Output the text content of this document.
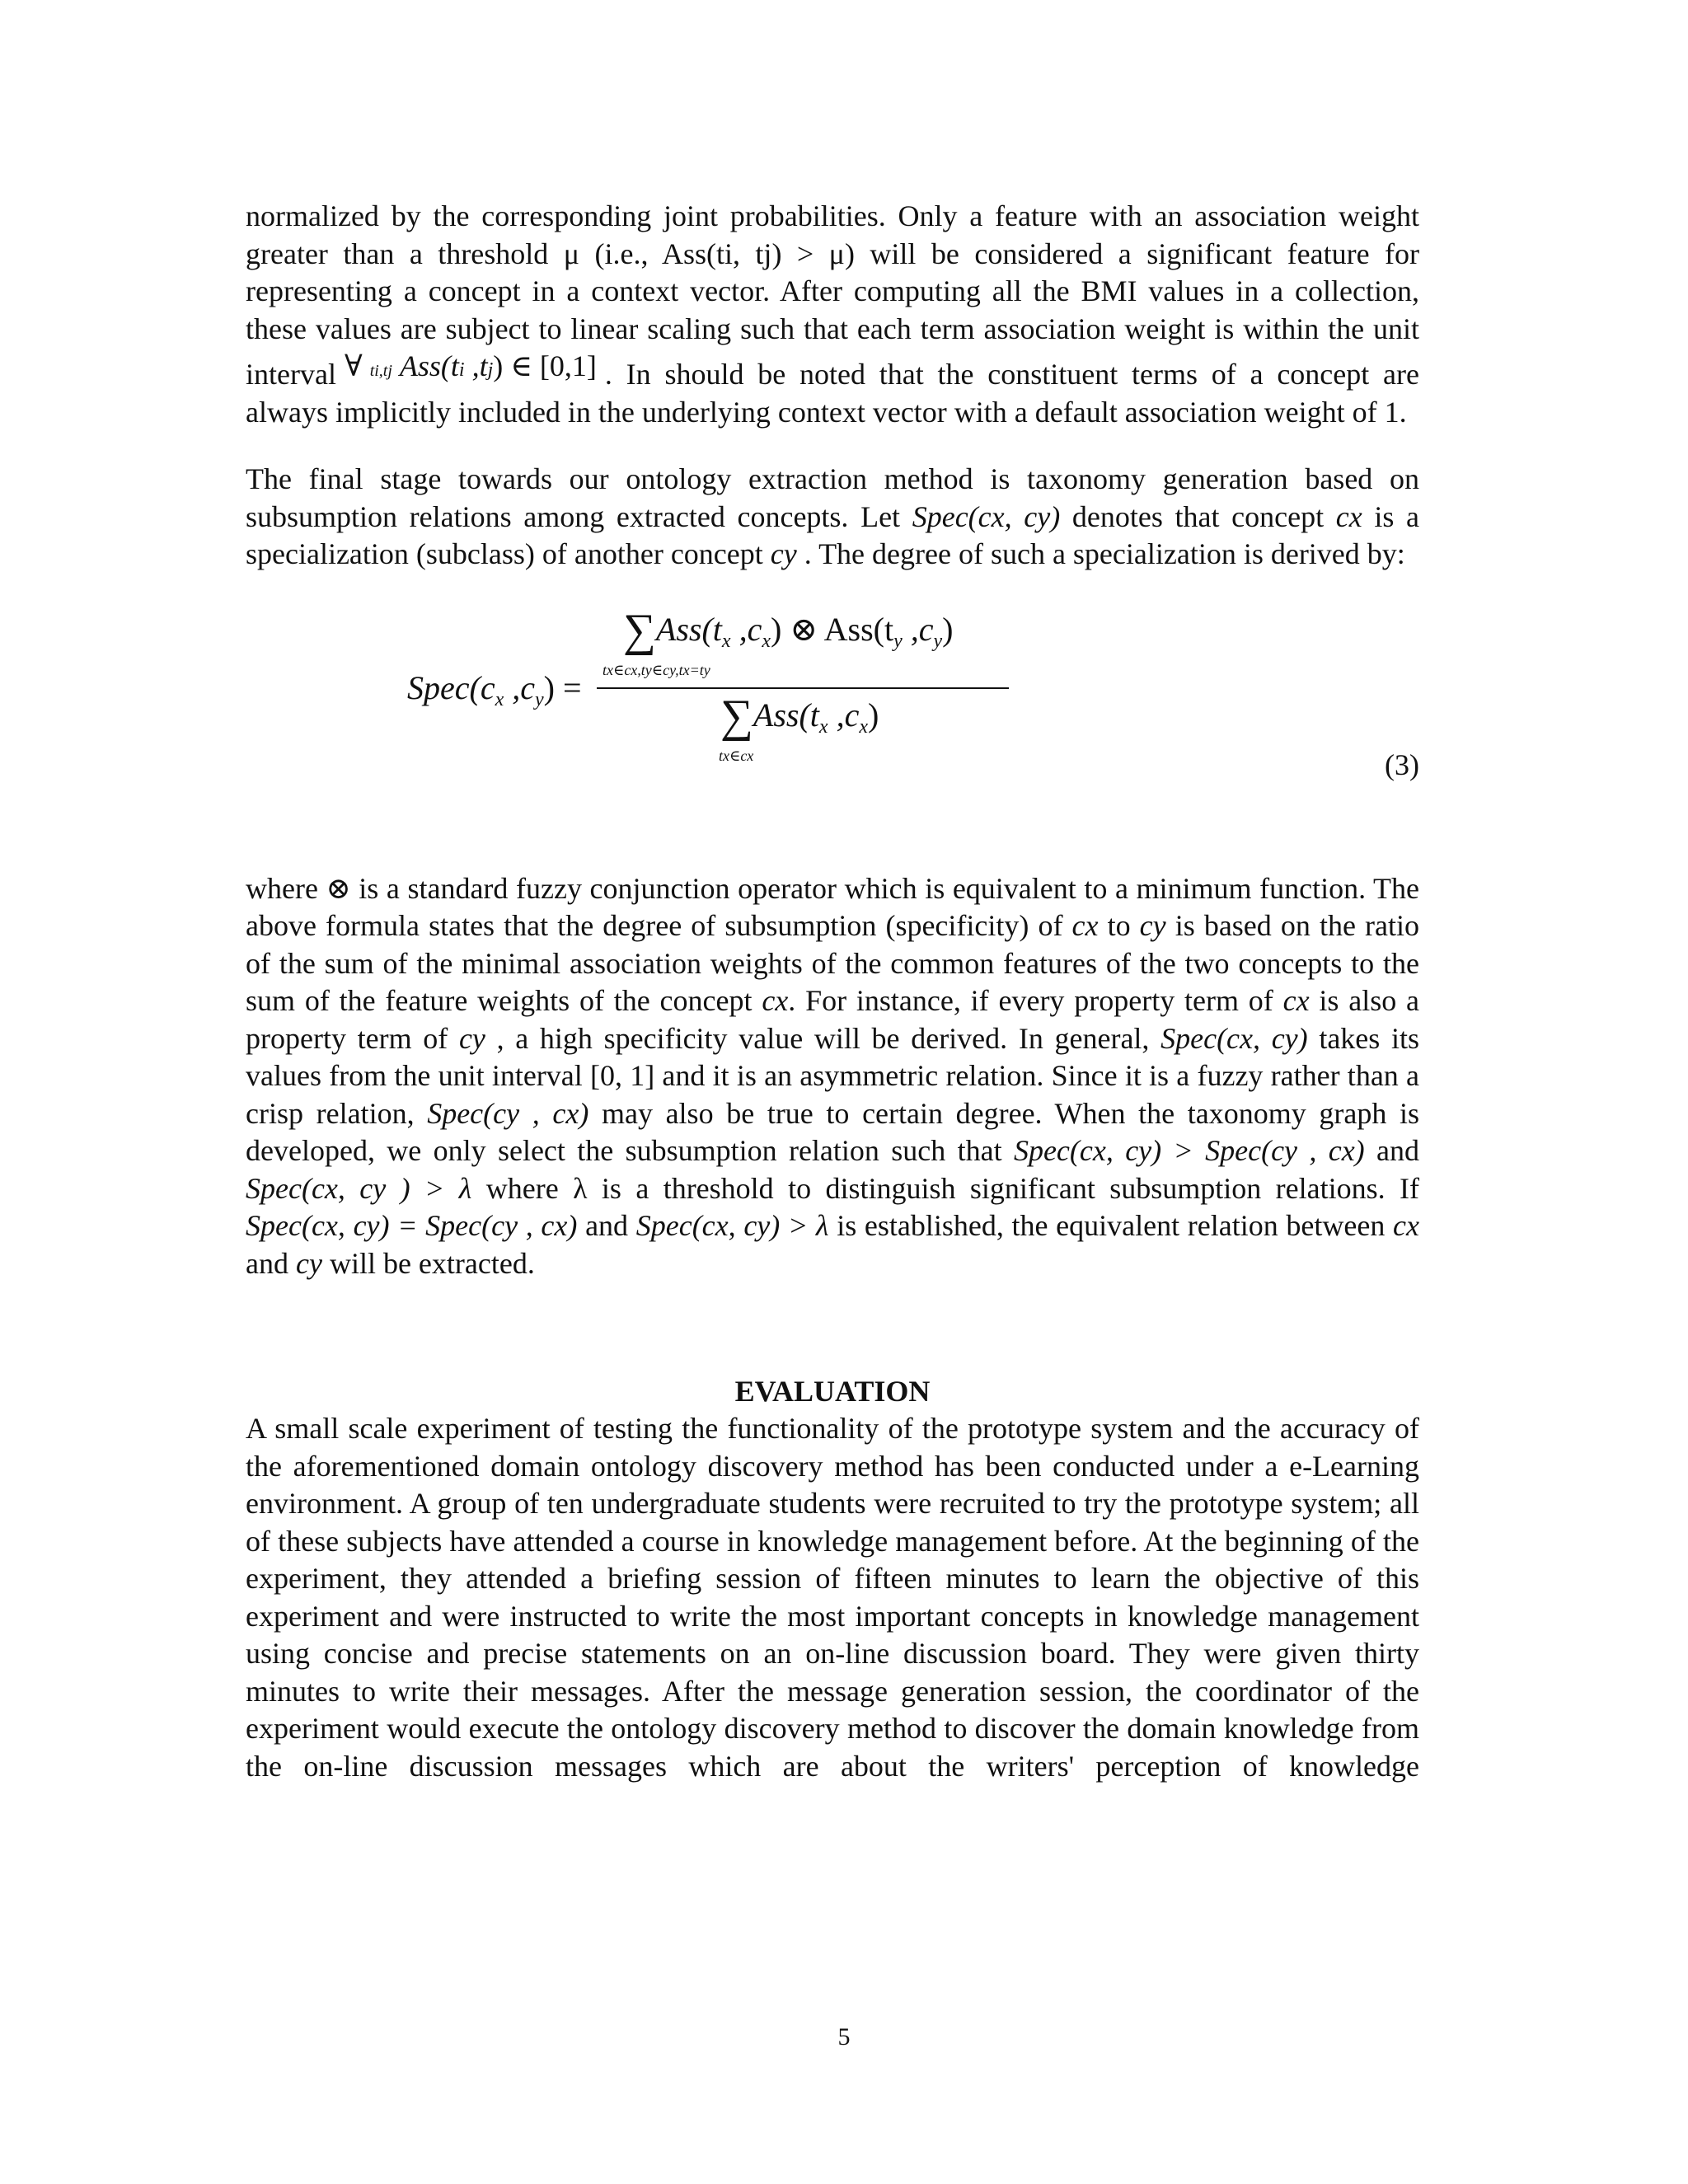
normalized by the corresponding joint probabilities. Only a feature with an association weight greater than a threshold μ (i.e., Ass(ti, tj) > μ) will be considered a significant feature for representing a concept in a context vector. After computing all the BMI values in a collection, these values are subject to linear scaling such that each term association weight is within the unit interval ∀ ti,tj Ass(ti ,tj) ∈ [0,1] . In should be noted that the constituent terms of a concept are always implicitly included in the underlying context vector with a default association weight of 1.

The final stage towards our ontology extraction method is taxonomy generation based on subsumption relations among extracted concepts. Let Spec(cx, cy) denotes that concept cx is a specialization (subclass) of another concept cy . The degree of such a specialization is derived by:

$Spec(c_x$ $,c_y$) =
$\sum Ass(t_x$ $,c_x$) ⊗ $Ass(t_y$ $,c_y$)
tx∈cx,ty∈cy,tx=ty
$\sum Ass(t_x$ $,c_x$)
tx∈cx	(3)

where ⊗ is a standard fuzzy conjunction operator which is equivalent to a minimum function. The above formula states that the degree of subsumption (specificity) of cx to cy is based on the ratio of the sum of the minimal association weights of the common features of the two concepts to the sum of the feature weights of the concept cx. For instance, if every property term of cx is also a property term of cy , a high specificity value will be derived. In general, Spec(cx, cy) takes its values from the unit interval [0, 1] and it is an asymmetric relation. Since it is a fuzzy rather than a crisp relation, Spec(cy , cx) may also be true to certain degree. When the taxonomy graph is developed, we only select the subsumption relation such that Spec(cx, cy) > Spec(cy , cx) and Spec(cx, cy ) > λ where λ is a threshold to distinguish significant subsumption relations. If Spec(cx, cy) = Spec(cy , cx) and Spec(cx, cy) > λ is established, the equivalent relation between cx and cy will be extracted.

EVALUATION

A small scale experiment of testing the functionality of the prototype system and the accuracy of the aforementioned domain ontology discovery method has been conducted under a e-Learning environment. A group of ten undergraduate students were recruited to try the prototype system; all of these subjects have attended a course in knowledge management before. At the beginning of the experiment, they attended a briefing session of fifteen minutes to learn the objective of this experiment and were instructed to write the most important concepts in knowledge management using concise and precise statements on an on-line discussion board. They were given thirty minutes to write their messages. After the message generation session, the coordinator of the experiment would execute the ontology discovery method to discover the domain knowledge from the on-line discussion messages which are about the writers' perception of knowledge

5
